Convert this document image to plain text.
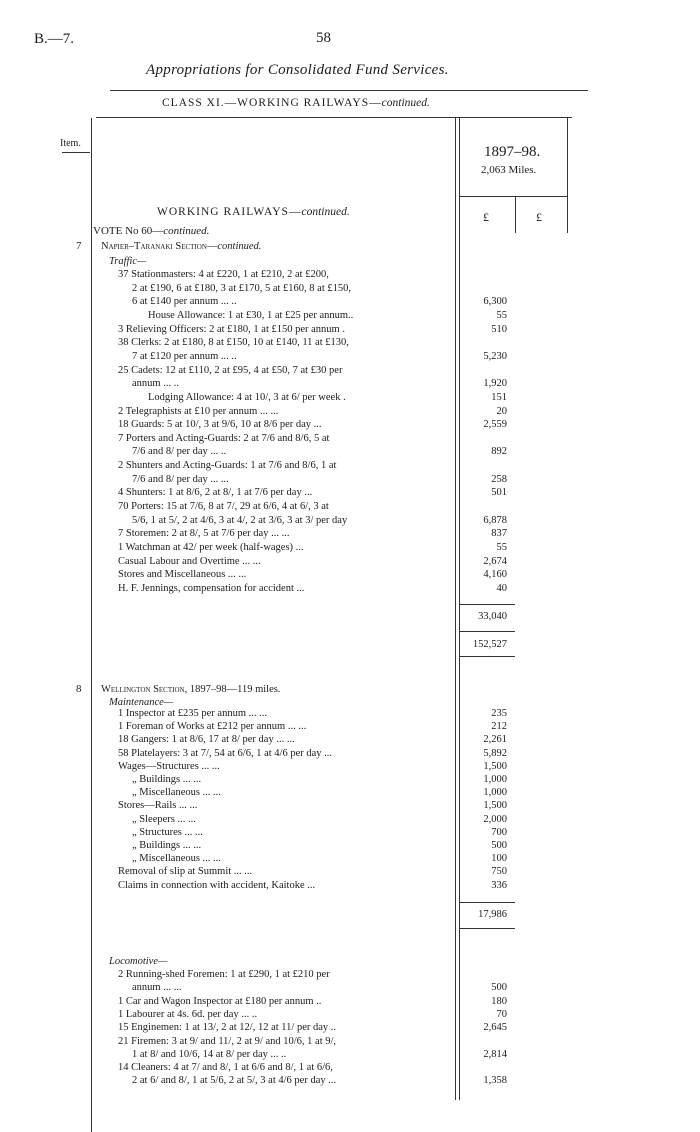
B.—7.	58
Appropriations for Consolidated Fund Services.
CLASS XI.—WORKING RAILWAYS—continued.
Item.
1897–98.
2,063 Miles.
£	£
WORKING RAILWAYS—continued.
VOTE No 60—continued.
7 Napier–Taranaki Section—continued.
Traffic—
37 Stationmasters: 4 at £220, 1 at £210, 2 at £200,
2 at £190, 6 at £180, 3 at £170, 5 at £160, 8 at £150,
6 at £140 per annum ... ..	6,300
House Allowance: 1 at £30, 1 at £25 per annum..	55
3 Relieving Officers: 2 at £180, 1 at £150 per annum .	510
38 Clerks: 2 at £180, 8 at £150, 10 at £140, 11 at £130,
7 at £120 per annum ... ..	5,230
25 Cadets: 12 at £110, 2 at £95, 4 at £50, 7 at £30 per
annum ... ..	1,920
Lodging Allowance: 4 at 10/, 3 at 6/ per week .	151
2 Telegraphists at £10 per annum ... ...	20
18 Guards: 5 at 10/, 3 at 9/6, 10 at 8/6 per day ...	2,559
7 Porters and Acting-Guards: 2 at 7/6 and 8/6, 5 at
7/6 and 8/ per day ... ..	892
2 Shunters and Acting-Guards: 1 at 7/6 and 8/6, 1 at
7/6 and 8/ per day ... ...	258
4 Shunters: 1 at 8/6, 2 at 8/, 1 at 7/6 per day ...	501
70 Porters: 15 at 7/6, 8 at 7/, 29 at 6/6, 4 at 6/, 3 at
5/6, 1 at 5/, 2 at 4/6, 3 at 4/, 2 at 3/6, 3 at 3/ per day	6,878
7 Storemen: 2 at 8/, 5 at 7/6 per day ... ...	837
1 Watchman at 42/ per week (half-wages) ...	55
Casual Labour and Overtime ... ...	2,674
Stores and Miscellaneous ... ...	4,160
H. F. Jennings, compensation for accident ...	40
33,040
152,527
8 Wellington Section, 1897–98—119 miles.
Maintenance—
1 Inspector at £235 per annum ... ...	235
1 Foreman of Works at £212 per annum ... ...	212
18 Gangers: 1 at 8/6, 17 at 8/ per day ... ...	2,261
58 Platelayers: 3 at 7/, 54 at 6/6, 1 at 4/6 per day ...	5,892
Wages—Structures ... ...	1,500
„ Buildings ... ...	1,000
„ Miscellaneous ... ...	1,000
Stores—Rails ... ...	1,500
„ Sleepers ... ...	2,000
„ Structures ... ...	700
„ Buildings ... ...	500
„ Miscellaneous ... ...	100
Removal of slip at Summit ... ...	750
Claims in connection with accident, Kaitoke ...	336
17,986
Locomotive—
2 Running-shed Foremen: 1 at £290, 1 at £210 per
annum ... ...	500
1 Car and Wagon Inspector at £180 per annum ..	180
1 Labourer at 4s. 6d. per day ... ..	70
15 Enginemen: 1 at 13/, 2 at 12/, 12 at 11/ per day ..	2,645
21 Firemen: 3 at 9/ and 11/, 2 at 9/ and 10/6, 1 at 9/,
1 at 8/ and 10/6, 14 at 8/ per day ... ..	2,814
14 Cleaners: 4 at 7/ and 8/, 1 at 6/6 and 8/, 1 at 6/6,
2 at 6/ and 8/, 1 at 5/6, 2 at 5/, 3 at 4/6 per day ...	1,358
